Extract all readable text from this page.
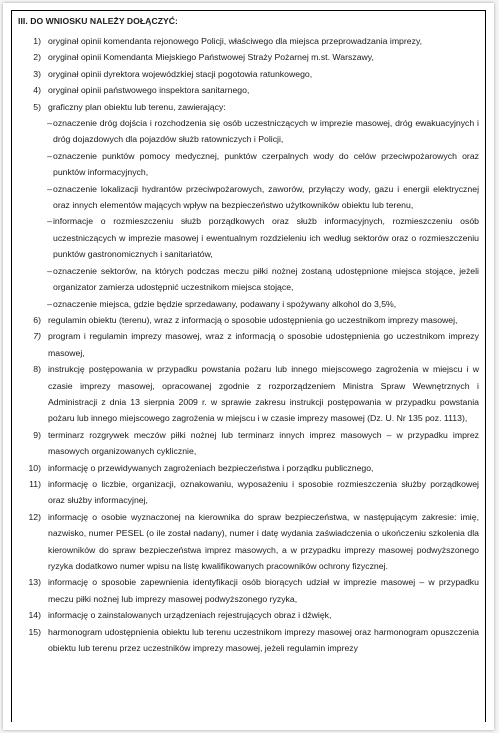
III. DO WNIOSKU NALEŻY DOŁĄCZYĆ:
1) oryginał opinii komendanta rejonowego Policji, właściwego dla miejsca przeprowadzania imprezy,
2) oryginał opinii Komendanta Miejskiego Państwowej Straży Pożarnej m.st. Warszawy,
3) oryginał opinii dyrektora wojewódzkiej stacji pogotowia ratunkowego,
4) oryginał opinii państwowego inspektora sanitarnego,
5) graficzny plan obiektu lub terenu, zawierający:
– oznaczenie dróg dojścia i rozchodzenia się osób uczestniczących w imprezie masowej, dróg ewakuacyjnych i dróg dojazdowych dla pojazdów służb ratowniczych i Policji,
– oznaczenie punktów pomocy medycznej, punktów czerpalnych wody do celów przeciwpożarowych oraz punktów informacyjnych,
– oznaczenie lokalizacji hydrantów przeciwpożarowych, zaworów, przyłączy wody, gazu i energii elektrycznej oraz innych elementów mających wpływ na bezpieczeństwo użytkowników obiektu lub terenu,
– informacje o rozmieszczeniu służb porządkowych oraz służb informacyjnych, rozmieszczeniu osób uczestniczących w imprezie masowej i ewentualnym rozdzieleniu ich według sektorów oraz o rozmieszczeniu punktów gastronomicznych i sanitariatów,
– oznaczenie sektorów, na których podczas meczu piłki nożnej zostaną udostępnione miejsca stojące, jeżeli organizator zamierza udostępnić uczestnikom miejsca stojące,
– oznaczenie miejsca, gdzie będzie sprzedawany, podawany i spożywany alkohol do 3,5%,
6) regulamin obiektu (terenu), wraz z informacją o sposobie udostępnienia go uczestnikom imprezy masowej,
7) program i regulamin imprezy masowej, wraz z informacją o sposobie udostępnienia go uczestnikom imprezy masowej,
8) instrukcję postępowania w przypadku powstania pożaru lub innego miejscowego zagrożenia w miejscu i w czasie imprezy masowej, opracowanej zgodnie z rozporządzeniem Ministra Spraw Wewnętrznych i Administracji z dnia 13 sierpnia 2009 r. w sprawie zakresu instrukcji postępowania w przypadku powstania pożaru lub innego miejscowego zagrożenia w miejscu i w czasie imprezy masowej (Dz. U. Nr 135 poz. 1113),
9) terminarz rozgrywek meczów piłki nożnej lub terminarz innych imprez masowych – w przypadku imprez masowych organizowanych cyklicznie,
10) informację o przewidywanych zagrożeniach bezpieczeństwa i porządku publicznego,
11) informację o liczbie, organizacji, oznakowaniu, wyposażeniu i sposobie rozmieszczenia służby porządkowej oraz służby informacyjnej,
12) informację o osobie wyznaczonej na kierownika do spraw bezpieczeństwa, w następującym zakresie: imię, nazwisko, numer PESEL (o ile został nadany), numer i datę wydania zaświadczenia o ukończeniu szkolenia dla kierowników do spraw bezpieczeństwa imprez masowych, a w przypadku imprezy masowej podwyższonego ryzyka dodatkowo numer wpisu na listę kwalifikowanych pracowników ochrony fizycznej.
13) informację o sposobie zapewnienia identyfikacji osób biorących udział w imprezie masowej – w przypadku meczu piłki nożnej lub imprezy masowej podwyższonego ryzyka,
14) informację o zainstalowanych urządzeniach rejestrujących obraz i dźwięk,
15) harmonogram udostępnienia obiektu lub terenu uczestnikom imprezy masowej oraz harmonogram opuszczenia obiektu lub terenu przez uczestników imprezy masowej, jeżeli regulamin imprezy
